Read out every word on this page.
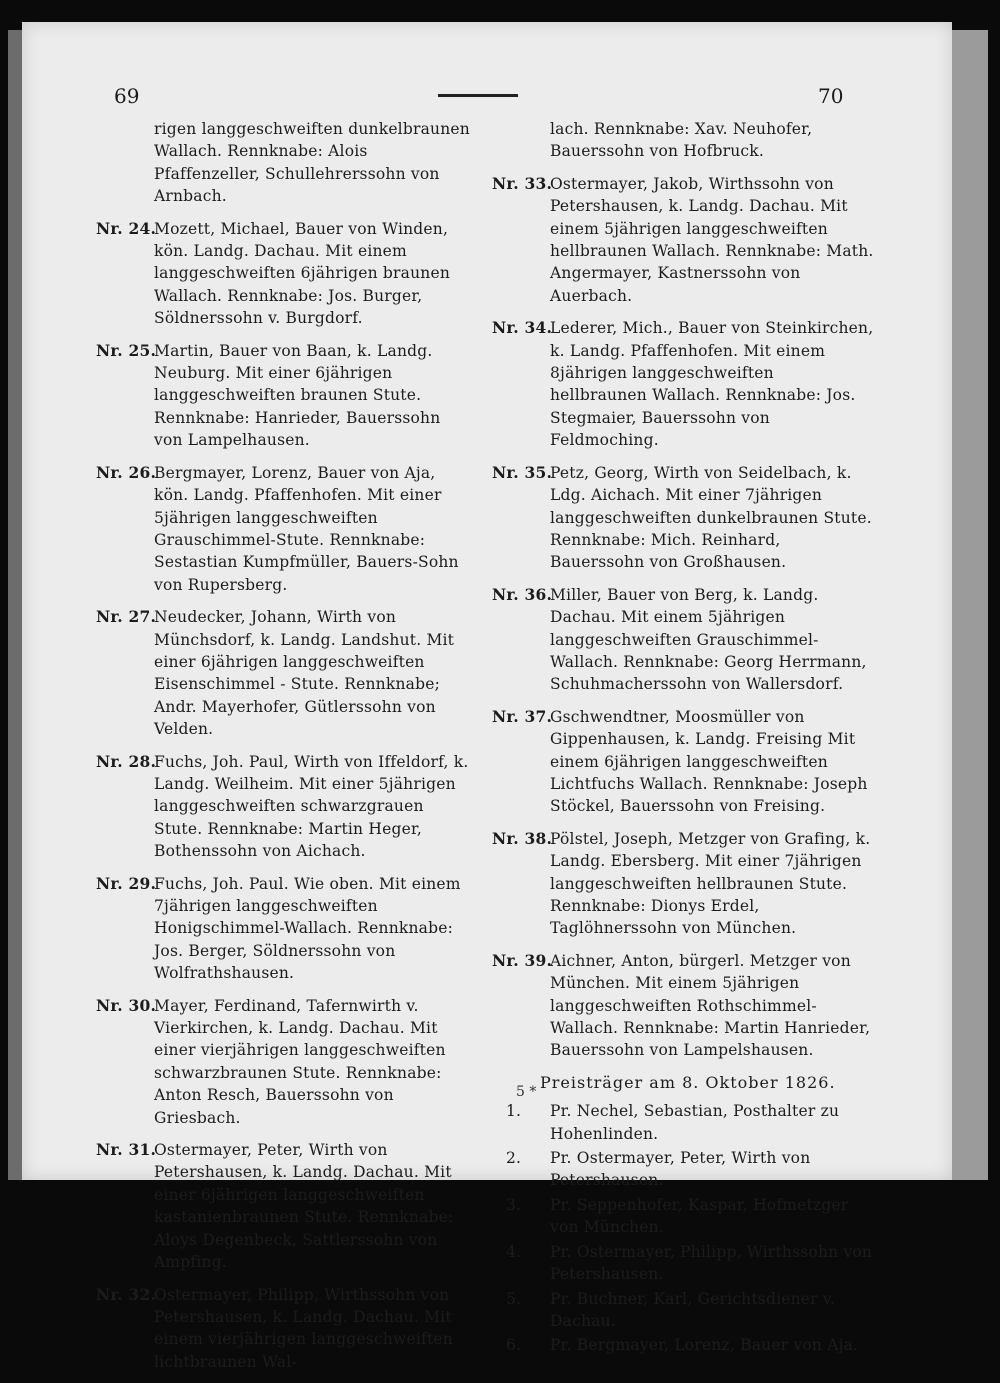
69	70
rigen langgeschweiften dunkelbraunen Wallach. Rennknabe: Alois Pfaffenzeller, Schullehrerssohn von Arnbach.
Nr. 24.
Mozett, Michael, Bauer von Winden, kön. Landg. Dachau. Mit einem langgeschweiften 6jährigen braunen Wallach. Rennknabe: Jos. Burger, Söldnerssohn v. Burgdorf.
Nr. 25.
Martin, Bauer von Baan, k. Landg. Neuburg. Mit einer 6jährigen langgeschweiften braunen Stute. Rennknabe: Hanrieder, Bauerssohn von Lampelhausen.
Nr. 26.
Bergmayer, Lorenz, Bauer von Aja, kön. Landg. Pfaffenhofen. Mit einer 5jährigen langgeschweiften Grauschimmel-Stute. Rennknabe: Sestastian Kumpfmüller, Bauers-Sohn von Rupersberg.
Nr. 27.
Neudecker, Johann, Wirth von Münchsdorf, k. Landg. Landshut. Mit einer 6jährigen langgeschweiften Eisenschimmel - Stute. Rennknabe; Andr. Mayerhofer, Gütlerssohn von Velden.
Nr. 28.
Fuchs, Joh. Paul, Wirth von Iffeldorf, k. Landg. Weilheim. Mit einer 5jährigen langgeschweiften schwarzgrauen Stute. Rennknabe: Martin Heger, Bothenssohn von Aichach.
Nr. 29.
Fuchs, Joh. Paul. Wie oben. Mit einem 7jährigen langgeschweiften Honigschimmel-Wallach. Rennknabe: Jos. Berger, Söldnerssohn von Wolfrathshausen.
Nr. 30.
Mayer, Ferdinand, Tafernwirth v. Vierkirchen, k. Landg. Dachau. Mit einer vierjährigen langgeschweiften schwarzbraunen Stute. Rennknabe: Anton Resch, Bauerssohn von Griesbach.
Nr. 31.
Ostermayer, Peter, Wirth von Petershausen, k. Landg. Dachau. Mit einer 6jährigen langgeschweiften kastanienbraunen Stute. Rennknabe: Aloys Degenbeck, Sattlerssohn von Ampfing.
Nr. 32.
Ostermayer, Philipp, Wirthssohn von Petershausen, k. Landg. Dachau. Mit einem vierjährigen langgeschweiften lichtbraunen Wal-
lach. Rennknabe: Xav. Neuhofer, Bauerssohn von Hofbruck.
Nr. 33.
Ostermayer, Jakob, Wirthssohn von Petershausen, k. Landg. Dachau. Mit einem 5jährigen langgeschweiften hellbraunen Wallach. Rennknabe: Math. Angermayer, Kastnerssohn von Auerbach.
Nr. 34.
Lederer, Mich., Bauer von Steinkirchen, k. Landg. Pfaffenhofen. Mit einem 8jährigen langgeschweiften hellbraunen Wallach. Rennknabe: Jos. Stegmaier, Bauerssohn von Feldmoching.
Nr. 35.
Petz, Georg, Wirth von Seidelbach, k. Ldg. Aichach. Mit einer 7jährigen langgeschweiften dunkelbraunen Stute. Rennknabe: Mich. Reinhard, Bauerssohn von Großhausen.
Nr. 36.
Miller, Bauer von Berg, k. Landg. Dachau. Mit einem 5jährigen langgeschweiften Grauschimmel-Wallach. Rennknabe: Georg Herrmann, Schuhmacherssohn von Wallersdorf.
Nr. 37.
Gschwendtner, Moosmüller von Gippenhausen, k. Landg. Freising Mit einem 6jährigen langgeschweiften Lichtfuchs Wallach. Rennknabe: Joseph Stöckel, Bauerssohn von Freising.
Nr. 38.
Pölstel, Joseph, Metzger von Grafing, k. Landg. Ebersberg. Mit einer 7jährigen langgeschweiften hellbraunen Stute. Rennknabe: Dionys Erdel, Taglöhnerssohn von München.
Nr. 39.
Aichner, Anton, bürgerl. Metzger von München. Mit einem 5jährigen langgeschweiften Rothschimmel-Wallach. Rennknabe: Martin Hanrieder, Bauerssohn von Lampelshausen.
Preisträger am 8. Oktober 1826.
1. Pr. Nechel, Sebastian, Posthalter zu Hohenlinden.
2. Pr. Ostermayer, Peter, Wirth von Petershausen.
3. Pr. Seppenhofer, Kaspar, Hofmetzger von München.
4. Pr. Ostermayer, Philipp, Wirthssohn von Petershausen.
5. Pr. Buchner, Karl, Gerichtsdiener v. Dachau.
6. Pr. Bergmayer, Lorenz, Bauer von Aja.
5 *
